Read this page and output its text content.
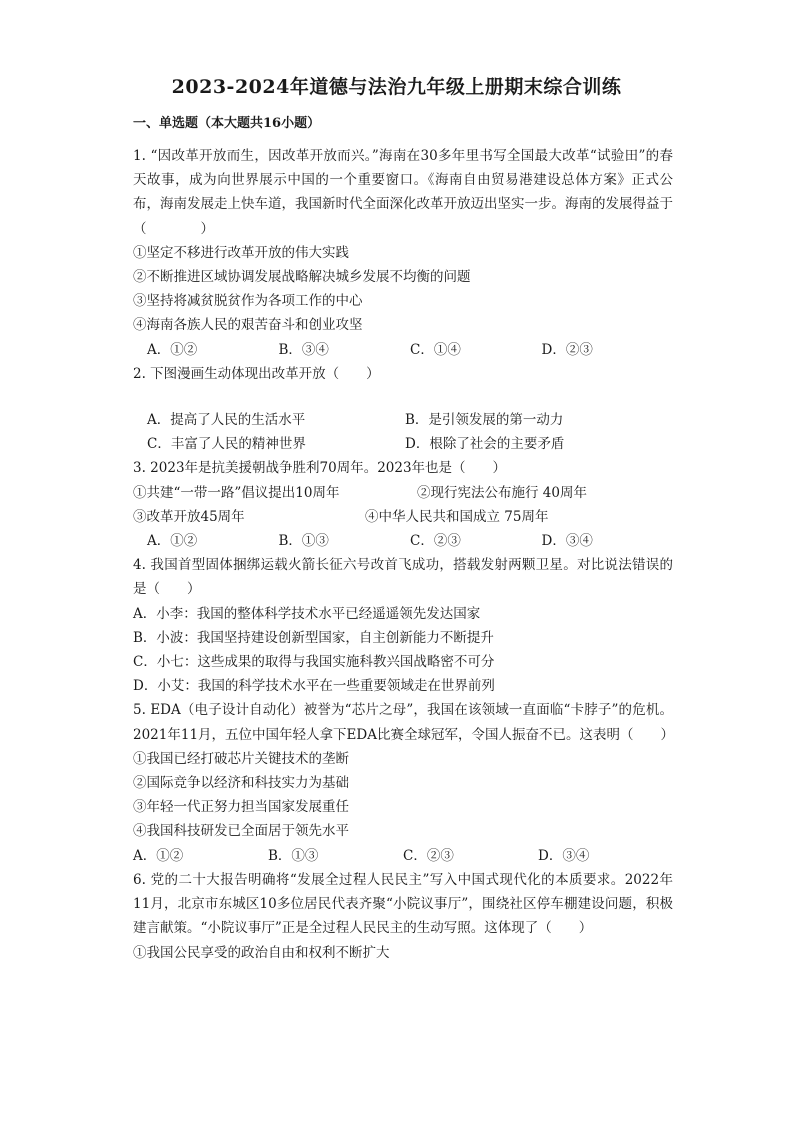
2023-2024年道德与法治九年级上册期末综合训练
一、单选题（本大题共16小题）

1. “因改革开放而生，因改革开放而兴。”海南在30多年里书写全国最大改革“试验田”的春天故事，成为向世界展示中国的一个重要窗口。《海南自由贸易港建设总体方案》正式公布，海南发展走上快车道，我国新时代全面深化改革开放迈出坚实一步。海南的发展得益于（　　　　）

①坚定不移进行改革开放的伟大实践

②不断推进区域协调发展战略解决城乡发展不均衡的问题

③坚持将减贫脱贫作为各项工作的中心

④海南各族人民的艰苦奋斗和创业攻坚

A．①②	B．③④	C．①④	D．②③

2. 下图漫画生动体现出改革开放（　　）

A．提高了人民的生活水平	B．是引领发展的第一动力
C．丰富了人民的精神世界	D．根除了社会的主要矛盾

3. 2023年是抗美援朝战争胜利70周年。2023年也是（　　）

①共建“一带一路”倡议提出10周年	②现行宪法公布施行 40周年
③改革开放45周年	④中华人民共和国成立 75周年
A．①②	B．①③	C．②③	D．③④

4. 我国首型固体捆绑运载火箭长征六号改首飞成功，搭载发射两颗卫星。对比说法错误的是（　　）

A．小李：我国的整体科学技术水平已经遥遥领先发达国家

B．小波：我国坚持建设创新型国家，自主创新能力不断提升

C．小七：这些成果的取得与我国实施科教兴国战略密不可分

D．小艾：我国的科学技术水平在一些重要领域走在世界前列

5. EDA（电子设计自动化）被誉为“芯片之母”，我国在该领域一直面临“卡脖子”的危机。2021年11月，五位中国年轻人拿下EDA比赛全球冠军，令国人振奋不已。这表明（　　）

①我国已经打破芯片关键技术的垄断

②国际竞争以经济和科技实力为基础

③年轻一代正努力担当国家发展重任

④我国科技研发已全面居于领先水平

A．①②	B．①③	C．②③	D．③④

6. 党的二十大报告明确将“发展全过程人民民主”写入中国式现代化的本质要求。2022年11月，北京市东城区10多位居民代表齐聚“小院议事厅”，围绕社区停车棚建设问题，积极建言献策。“小院议事厅”正是全过程人民民主的生动写照。这体现了（　　）

①我国公民享受的政治自由和权利不断扩大
